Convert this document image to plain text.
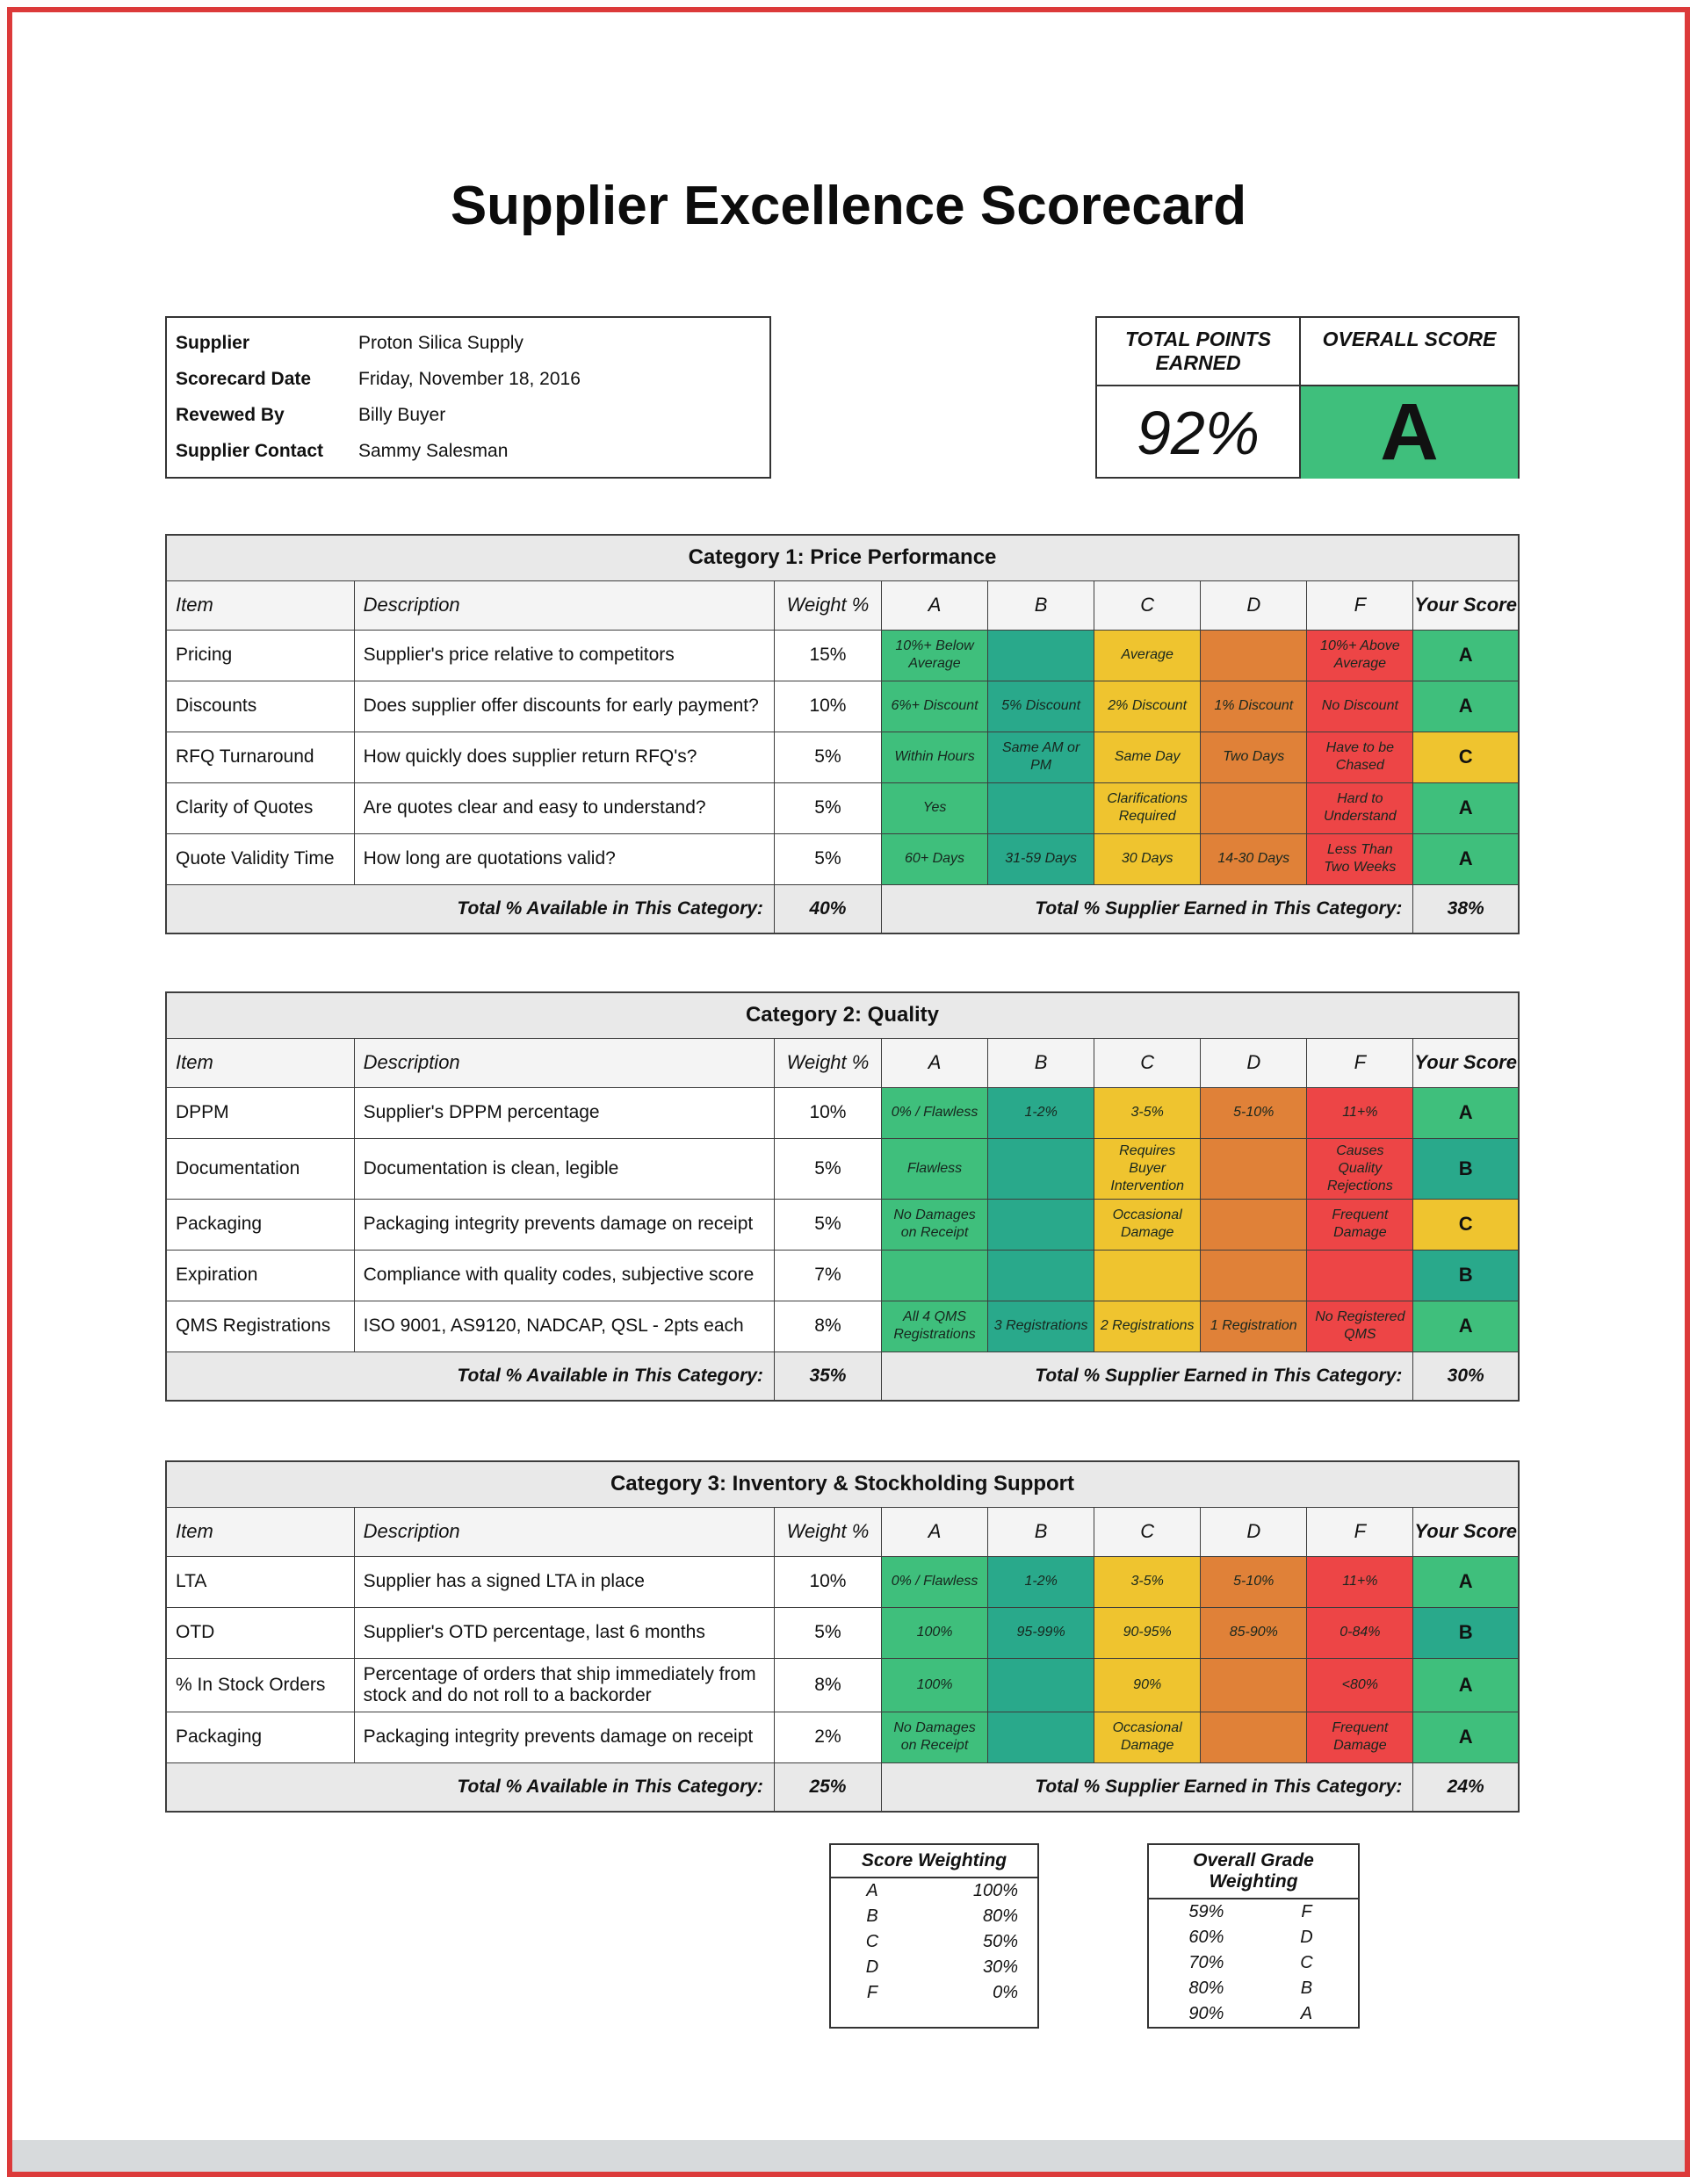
Supplier Excellence Scorecard
Supplier	Proton Silica Supply
Scorecard Date	Friday, November 18, 2016
Revewed By	Billy Buyer
Supplier Contact	Sammy Salesman
TOTAL POINTS EARNED
OVERALL SCORE
92%	A
Category 1: Price Performance								
Item	Description	Weight %	A	B	C	D	F	Your Score
Pricing	Supplier's price relative to competitors	15%	10%+ Below Average		Average		10%+ Above Average	A
Discounts	Does supplier offer discounts for early payment?	10%	6%+ Discount	5% Discount	2% Discount	1% Discount	No Discount	A
RFQ Turnaround	How quickly does supplier return RFQ's?	5%	Within Hours	Same AM or PM	Same Day	Two Days	Have to be Chased	C
Clarity of Quotes	Are quotes clear and easy to understand?	5%	Yes		Clarifications Required		Hard to Understand	A
Quote Validity Time	How long are quotations valid?	5%	60+ Days	31-59 Days	30 Days	14-30 Days	Less Than Two Weeks	A
Total % Available in This Category:		40%	Total % Supplier Earned in This Category:					38%
Category 2: Quality								
Item	Description	Weight %	A	B	C	D	F	Your Score
DPPM	Supplier's DPPM percentage	10%	0% / Flawless	1-2%	3-5%	5-10%	11+%	A
Documentation	Documentation is clean, legible	5%	Flawless		Requires Buyer Intervention		Causes Quality Rejections	B
Packaging	Packaging integrity prevents damage on receipt	5%	No Damages on Receipt		Occasional Damage		Frequent Damage	C
Expiration	Compliance with quality codes, subjective score	7%						B
QMS Registrations	ISO 9001, AS9120, NADCAP, QSL - 2pts each	8%	All 4 QMS Registrations	3 Registrations	2 Registrations	1 Registration	No Registered QMS	A
Total % Available in This Category:		35%	Total % Supplier Earned in This Category:					30%
Category 3: Inventory & Stockholding Support								
Item	Description	Weight %	A	B	C	D	F	Your Score
LTA	Supplier has a signed LTA in place	10%	0% / Flawless	1-2%	3-5%	5-10%	11+%	A
OTD	Supplier's OTD percentage, last 6 months	5%	100%	95-99%	90-95%	85-90%	0-84%	B
% In Stock Orders	Percentage of orders that ship immediately from stock and do not roll to a backorder	8%	100%		90%		<80%	A
Packaging	Packaging integrity prevents damage on receipt	2%	No Damages on Receipt		Occasional Damage		Frequent Damage	A
Total % Available in This Category:		25%	Total % Supplier Earned in This Category:					24%
Score Weighting
A	100%
B	80%
C	50%
D	30%
F	0%
Overall Grade Weighting
59%	F
60%	D
70%	C
80%	B
90%	A
